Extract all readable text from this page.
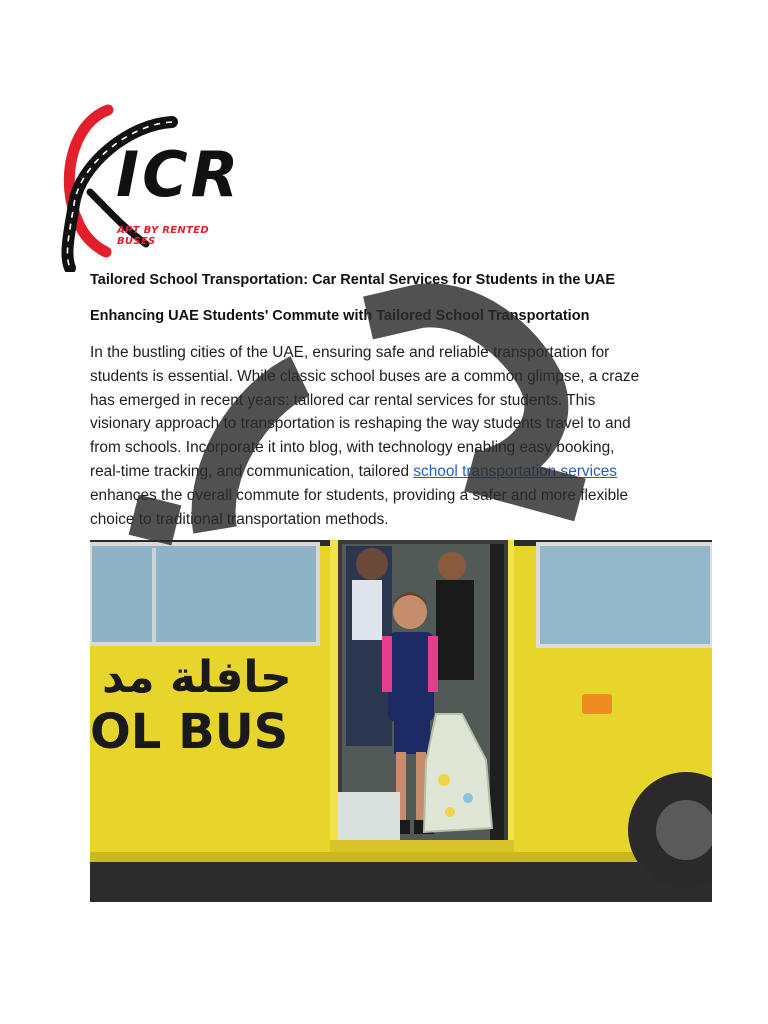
ICR
APT BY RENTED BUSES
Tailored School Transportation: Car Rental Services for Students in the UAE
Enhancing UAE Students' Commute with Tailored School Transportation
In the bustling cities of the UAE, ensuring safe and reliable transportation for
students is essential. While classic school buses are a common glimpse, a craze
has emerged in recent years: tailored car rental services for students. This
visionary approach to transportation is reshaping the way students travel to and
from schools. Incorporate it into blog, with technology enabling easy booking,
real-time tracking, and communication, tailored school transportation services
enhances the overall commute for students, providing a safer and more flexible
choice to traditional transportation methods.
حافلة مد
OL BUS
